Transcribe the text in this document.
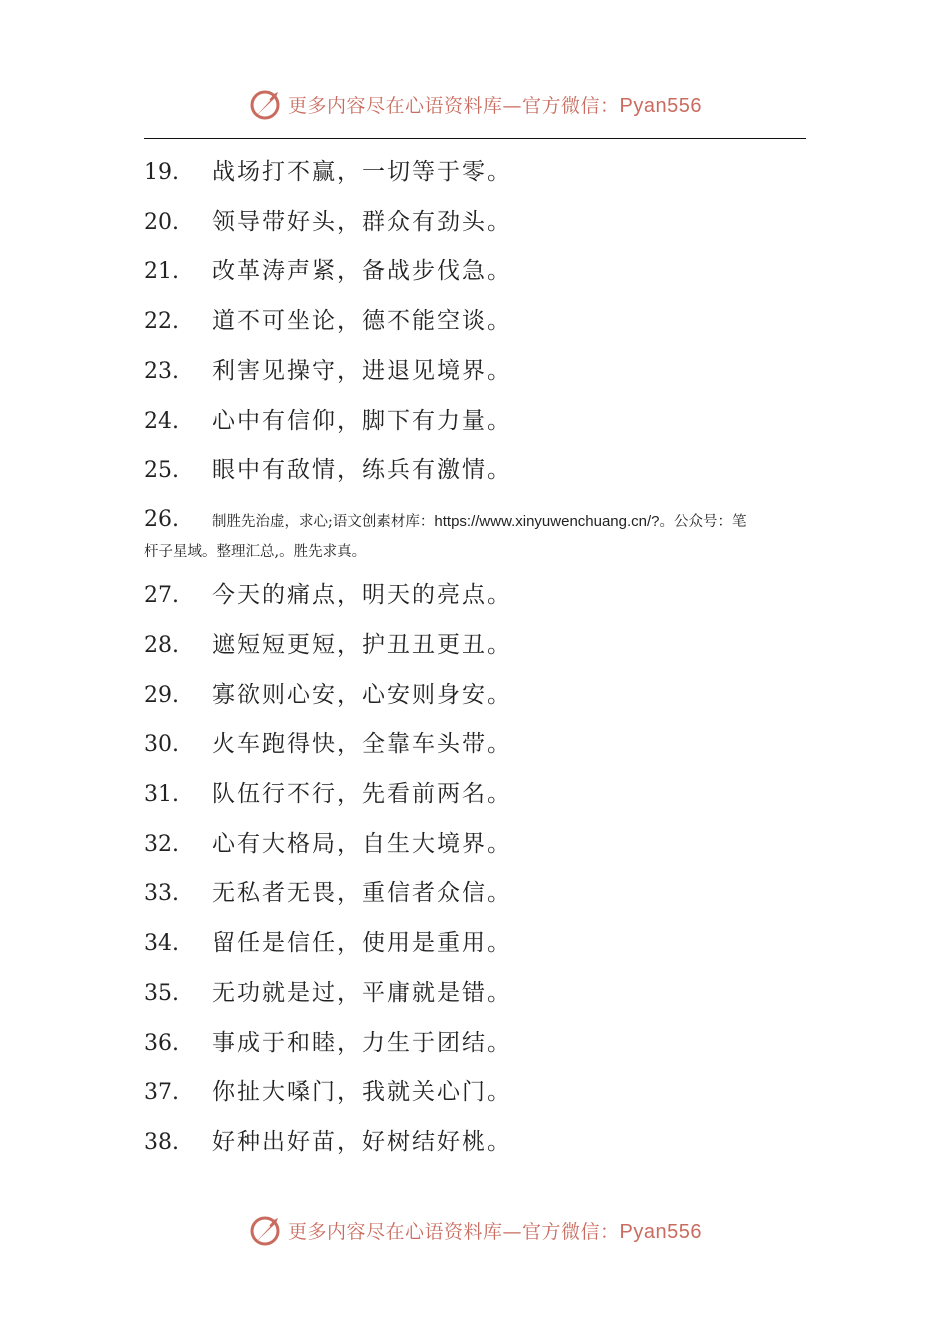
更多内容尽在心语资料库—官方微信：Pyan556
19. 战场打不赢，一切等于零。
20. 领导带好头，群众有劲头。
21. 改革涛声紧，备战步伐急。
22. 道不可坐论，德不能空谈。
23. 利害见操守，进退见境界。
24. 心中有信仰，脚下有力量。
25. 眼中有敌情，练兵有激情。
26. 制胜先治虚，求心;语文创素材库：https://www.xinyuwenchuang.cn/?。公众号：笔
杆子星域。整理汇总,。胜先求真。
27. 今天的痛点，明天的亮点。
28. 遮短短更短，护丑丑更丑。
29. 寡欲则心安，心安则身安。
30. 火车跑得快，全靠车头带。
31. 队伍行不行，先看前两名。
32. 心有大格局，自生大境界。
33. 无私者无畏，重信者众信。
34. 留任是信任，使用是重用。
35. 无功就是过，平庸就是错。
36. 事成于和睦，力生于团结。
37. 你扯大嗓门，我就关心门。
38. 好种出好苗，好树结好桃。
更多内容尽在心语资料库—官方微信：Pyan556
